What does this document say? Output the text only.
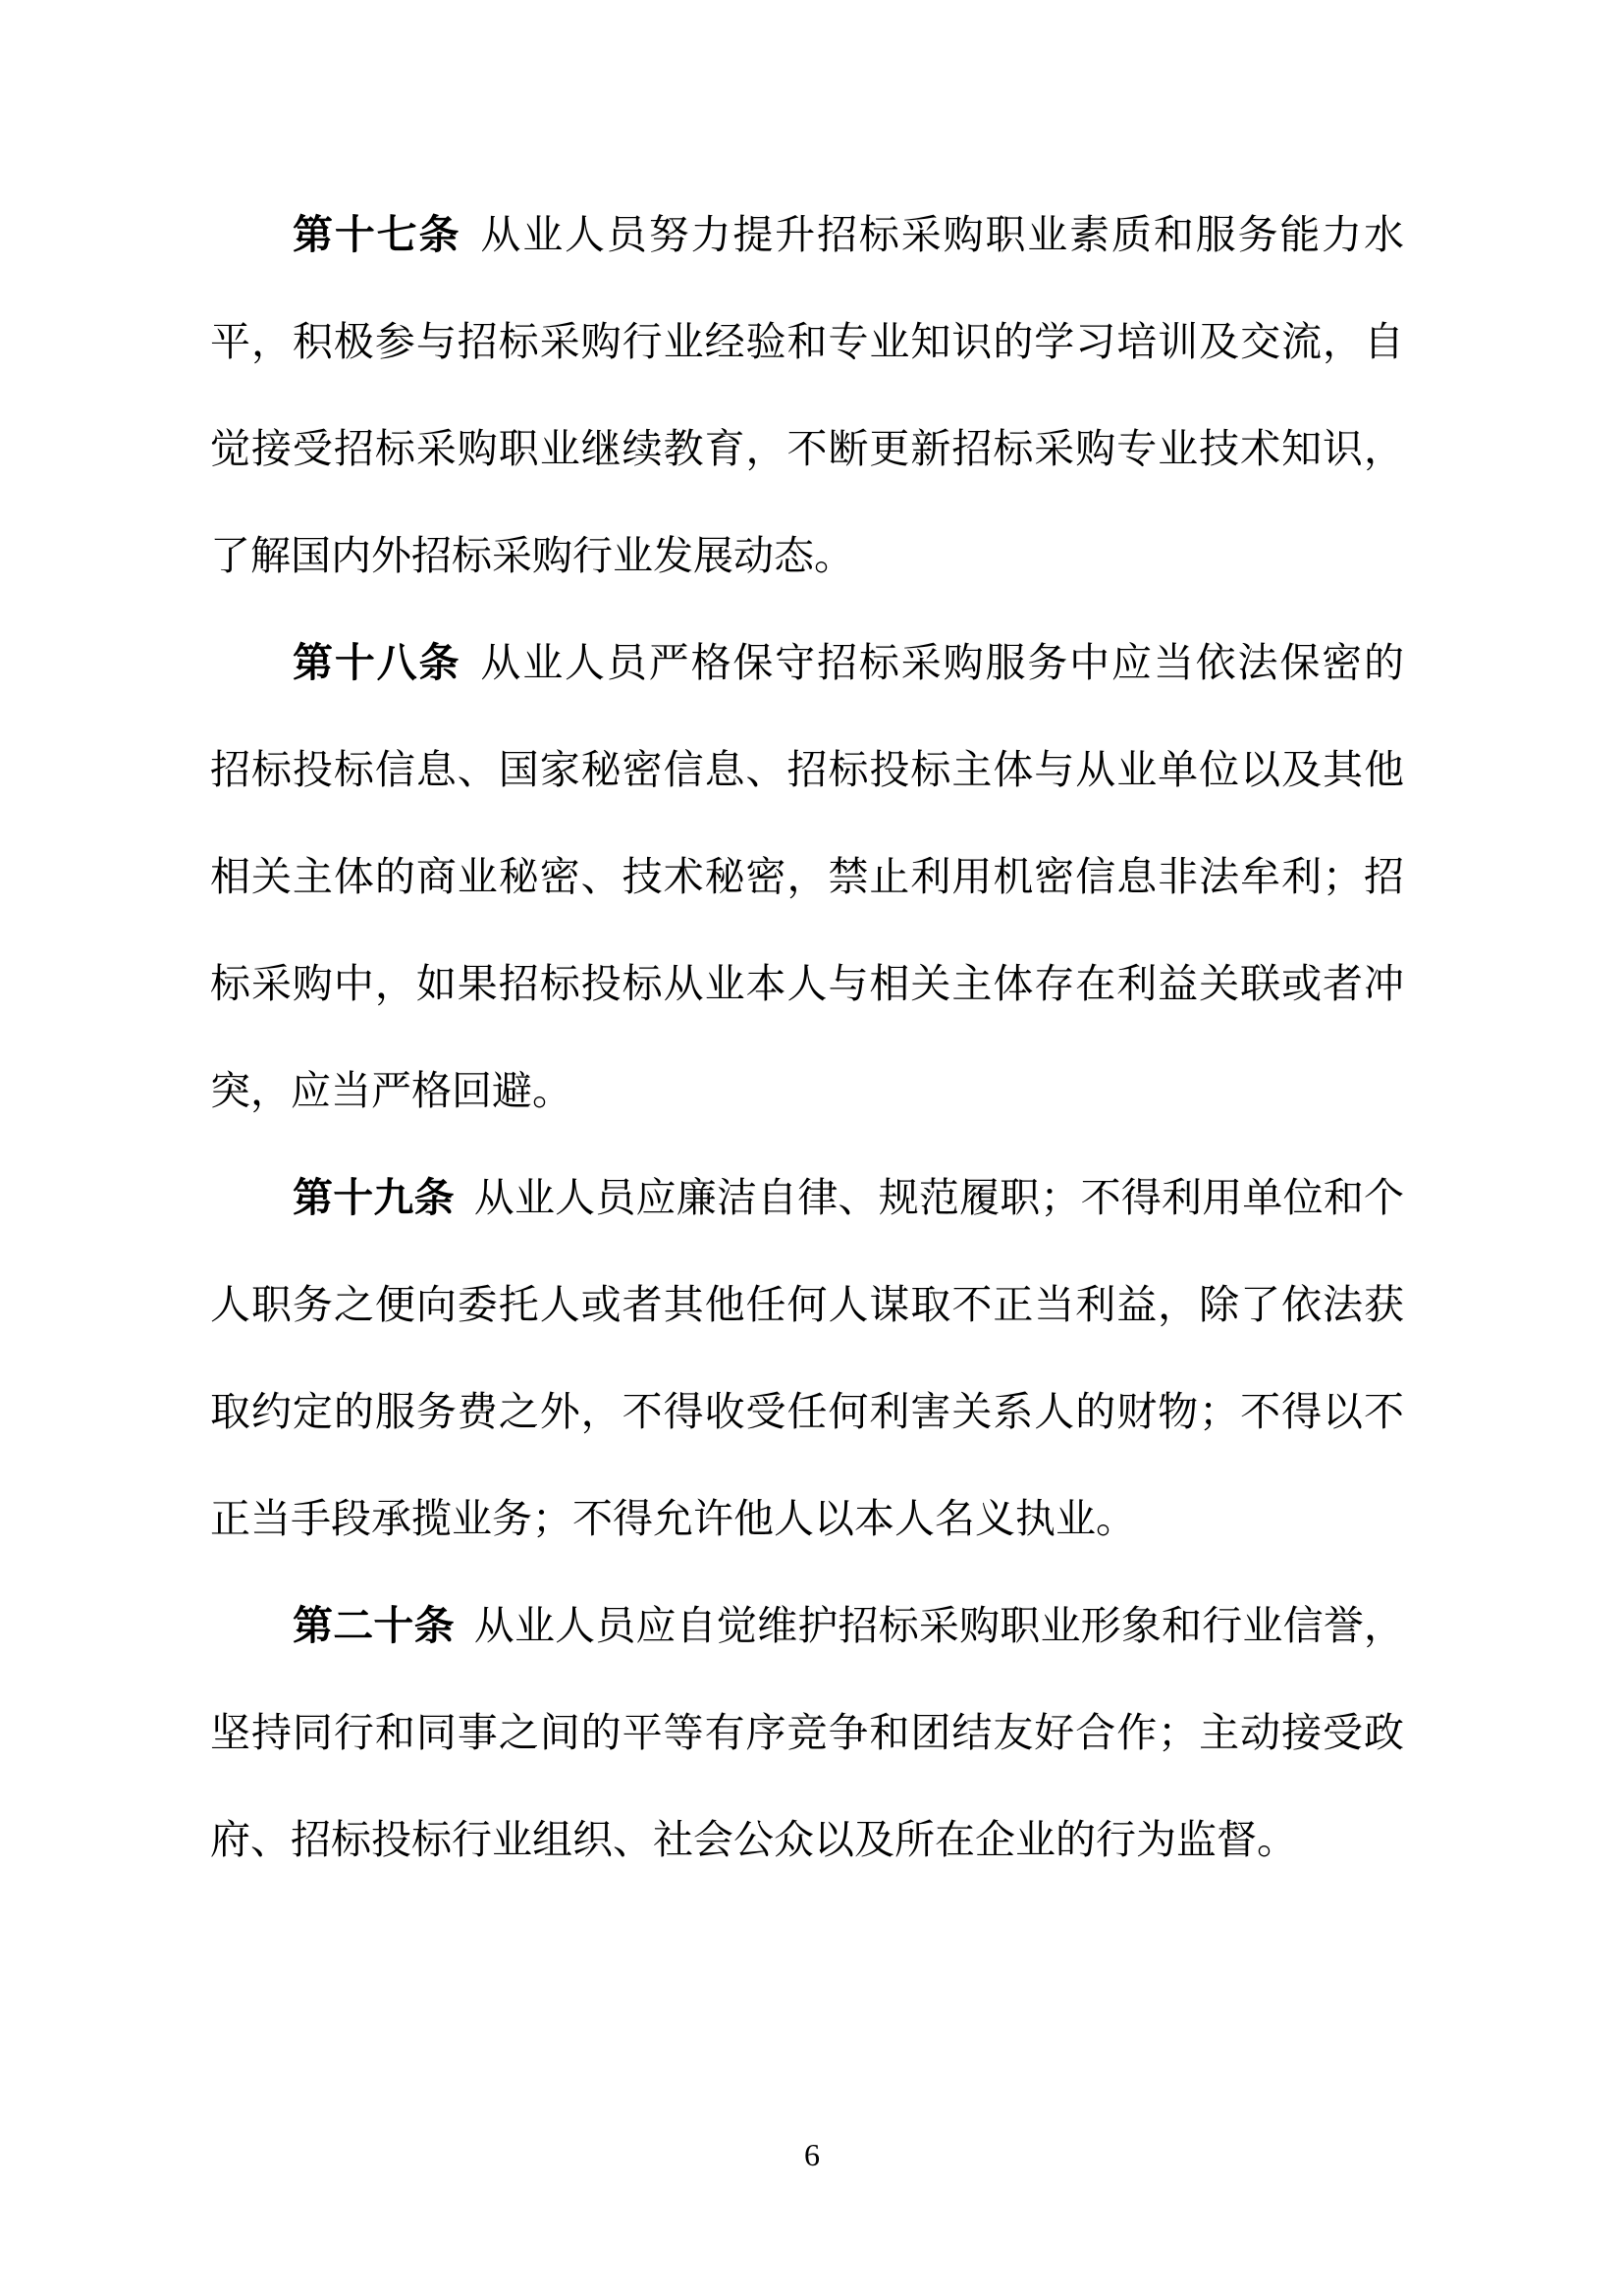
第十七条 从业人员努力提升招标采购职业素质和服务能力水
平，积极参与招标采购行业经验和专业知识的学习培训及交流，自
觉接受招标采购职业继续教育，不断更新招标采购专业技术知识，
了解国内外招标采购行业发展动态。
第十八条 从业人员严格保守招标采购服务中应当依法保密的
招标投标信息、国家秘密信息、招标投标主体与从业单位以及其他
相关主体的商业秘密、技术秘密，禁止利用机密信息非法牟利；招
标采购中，如果招标投标从业本人与相关主体存在利益关联或者冲
突，应当严格回避。
第十九条 从业人员应廉洁自律、规范履职；不得利用单位和个
人职务之便向委托人或者其他任何人谋取不正当利益，除了依法获
取约定的服务费之外，不得收受任何利害关系人的财物；不得以不
正当手段承揽业务；不得允许他人以本人名义执业。
第二十条 从业人员应自觉维护招标采购职业形象和行业信誉，
坚持同行和同事之间的平等有序竞争和团结友好合作；主动接受政
府、招标投标行业组织、社会公众以及所在企业的行为监督。
6
